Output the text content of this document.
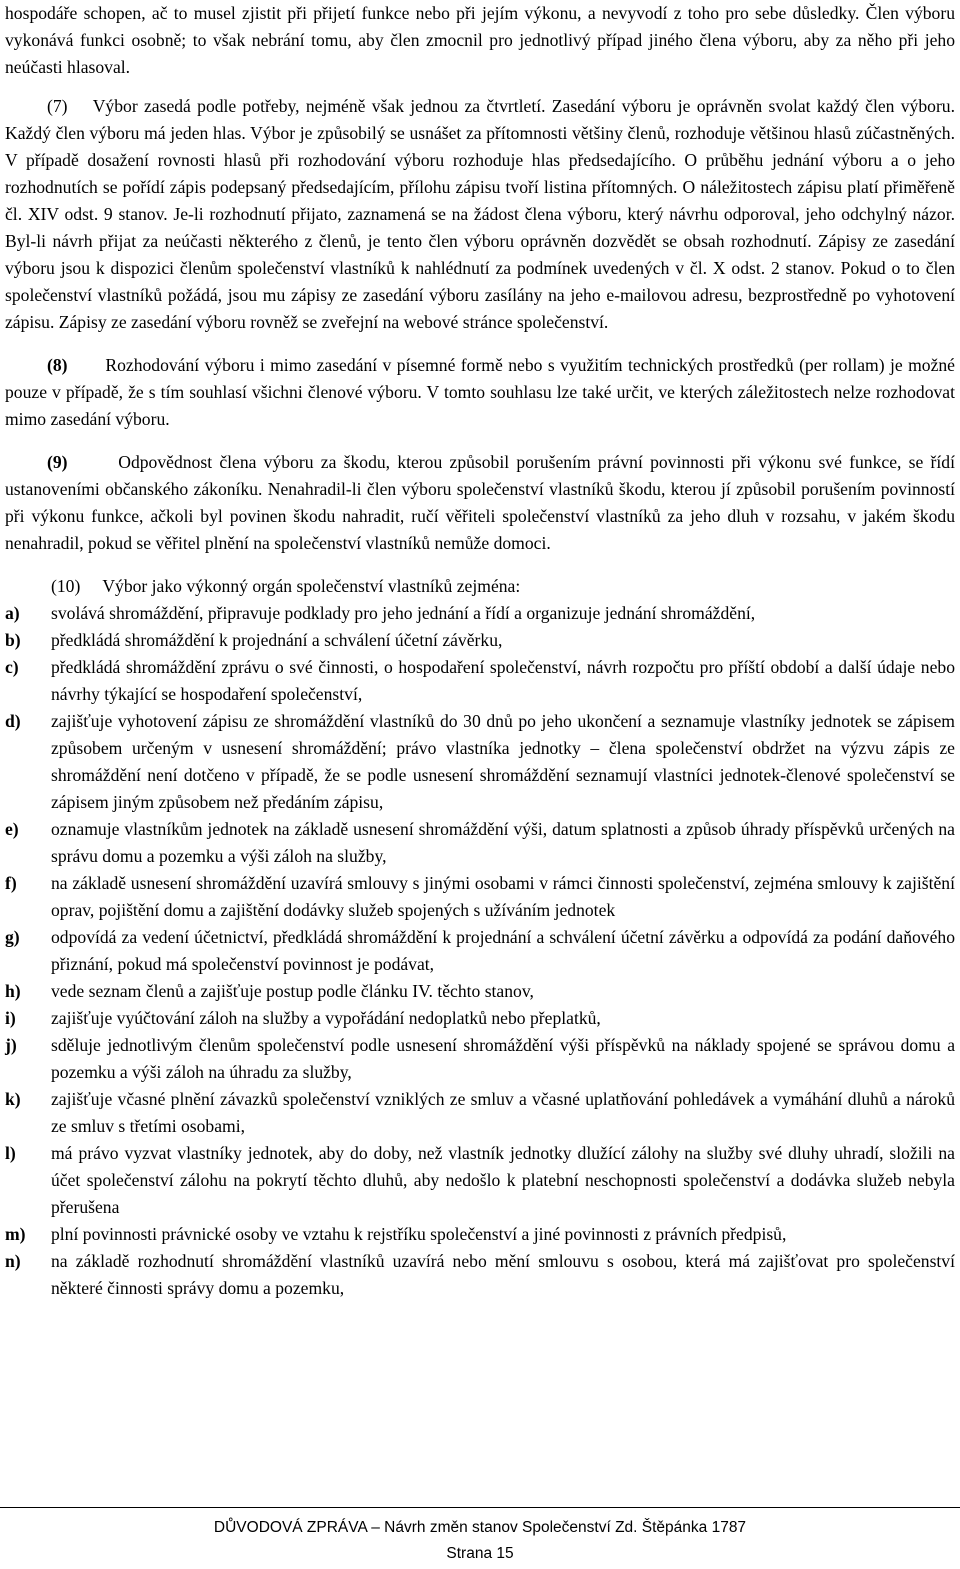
hospodáře schopen, ač to musel zjistit při přijetí funkce nebo při jejím výkonu, a nevyvodí z toho pro sebe důsledky. Člen výboru vykonává funkci osobně; to však nebrání tomu, aby člen zmocnil pro jednotlivý případ jiného člena výboru, aby za něho při jeho neúčasti hlasoval.

(7) Výbor zasedá podle potřeby, nejméně však jednou za čtvrtletí. Zasedání výboru je oprávněn svolat každý člen výboru. Každý člen výboru má jeden hlas. Výbor je způsobilý se usnášet za přítomnosti většiny členů, rozhoduje většinou hlasů zúčastněných. V případě dosažení rovnosti hlasů při rozhodování výboru rozhoduje hlas předsedajícího. O průběhu jednání výboru a o jeho rozhodnutích se pořídí zápis podepsaný předsedajícím, přílohu zápisu tvoří listina přítomných. O náležitostech zápisu platí přiměřeně čl. XIV odst. 9 stanov. Je-li rozhodnutí přijato, zaznamená se na žádost člena výboru, který návrhu odporoval, jeho odchylný názor. Byl-li návrh přijat za neúčasti některého z členů, je tento člen výboru oprávněn dozvědět se obsah rozhodnutí. Zápisy ze zasedání výboru jsou k dispozici členům společenství vlastníků k nahlédnutí za podmínek uvedených v čl. X odst. 2 stanov. Pokud o to člen společenství vlastníků požádá, jsou mu zápisy ze zasedání výboru zasílány na jeho e-mailovou adresu, bezprostředně po vyhotovení zápisu. Zápisy ze zasedání výboru rovněž se zveřejní na webové stránce společenství.

(8) Rozhodování výboru i mimo zasedání v písemné formě nebo s využitím technických prostředků (per rollam) je možné pouze v případě, že s tím souhlasí všichni členové výboru. V tomto souhlasu lze také určit, ve kterých záležitostech nelze rozhodovat mimo zasedání výboru.

(9)	Odpovědnost člena výboru za škodu, kterou způsobil porušením právní povinnosti při výkonu své funkce, se řídí ustanoveními občanského zákoníku. Nenahradil-li člen výboru společenství vlastníků škodu, kterou jí způsobil porušením povinností při výkonu funkce, ačkoli byl povinen škodu nahradit, ručí věřiteli společenství vlastníků za jeho dluh v rozsahu, v jakém škodu nenahradil, pokud se věřitel plnění na společenství vlastníků nemůže domoci.

(10) Výbor jako výkonný orgán společenství vlastníků zejména:

a) svolává shromáždění, připravuje podklady pro jeho jednání a řídí a organizuje jednání shromáždění,

b) předkládá shromáždění k projednání a schválení účetní závěrku,

c) předkládá shromáždění zprávu o své činnosti, o hospodaření společenství, návrh rozpočtu pro příští období a další údaje nebo návrhy týkající se hospodaření společenství,

d) zajišťuje vyhotovení zápisu ze shromáždění vlastníků do 30 dnů po jeho ukončení a seznamuje vlastníky jednotek se zápisem způsobem určeným v usnesení shromáždění; právo vlastníka jednotky – člena společenství obdržet na výzvu zápis ze shromáždění není dotčeno v případě, že se podle usnesení shromáždění seznamují vlastníci jednotek-členové společenství se zápisem jiným způsobem než předáním zápisu,

e) oznamuje vlastníkům jednotek na základě usnesení shromáždění výši, datum splatnosti a způsob úhrady příspěvků určených na správu domu a pozemku a výši záloh na služby,

f) na základě usnesení shromáždění uzavírá smlouvy s jinými osobami v rámci činnosti společenství, zejména smlouvy k zajištění oprav, pojištění domu a zajištění dodávky služeb spojených s užíváním jednotek

g) odpovídá za vedení účetnictví, předkládá shromáždění k projednání a schválení účetní závěrku a odpovídá za podání daňového přiznání, pokud má společenství povinnost je podávat,

h) vede seznam členů a zajišťuje postup podle článku IV. těchto stanov,

i) zajišťuje vyúčtování záloh na služby a vypořádání nedoplatků nebo přeplatků,

j) sděluje jednotlivým členům společenství podle usnesení shromáždění výši příspěvků na náklady spojené se správou domu a pozemku a výši záloh na úhradu za služby,

k) zajišťuje včasné plnění závazků společenství vzniklých ze smluv a včasné uplatňování pohledávek a vymáhání dluhů a nároků ze smluv s třetími osobami,

l) má právo vyzvat vlastníky jednotek, aby do doby, než vlastník jednotky dlužící zálohy na služby své dluhy uhradí, složili na účet společenství zálohu na pokrytí těchto dluhů, aby nedošlo k platební neschopnosti společenství a dodávka služeb nebyla přerušena

m) plní povinnosti právnické osoby ve vztahu k rejstříku společenství a jiné povinnosti z právních předpisů,

n) na základě rozhodnutí shromáždění vlastníků uzavírá nebo mění smlouvu s osobou, která má zajišťovat pro společenství některé činnosti správy domu a pozemku,

DŮVODOVÁ ZPRÁVA – Návrh změn stanov Společenství Zd. Štěpánka 1787
Strana 15
